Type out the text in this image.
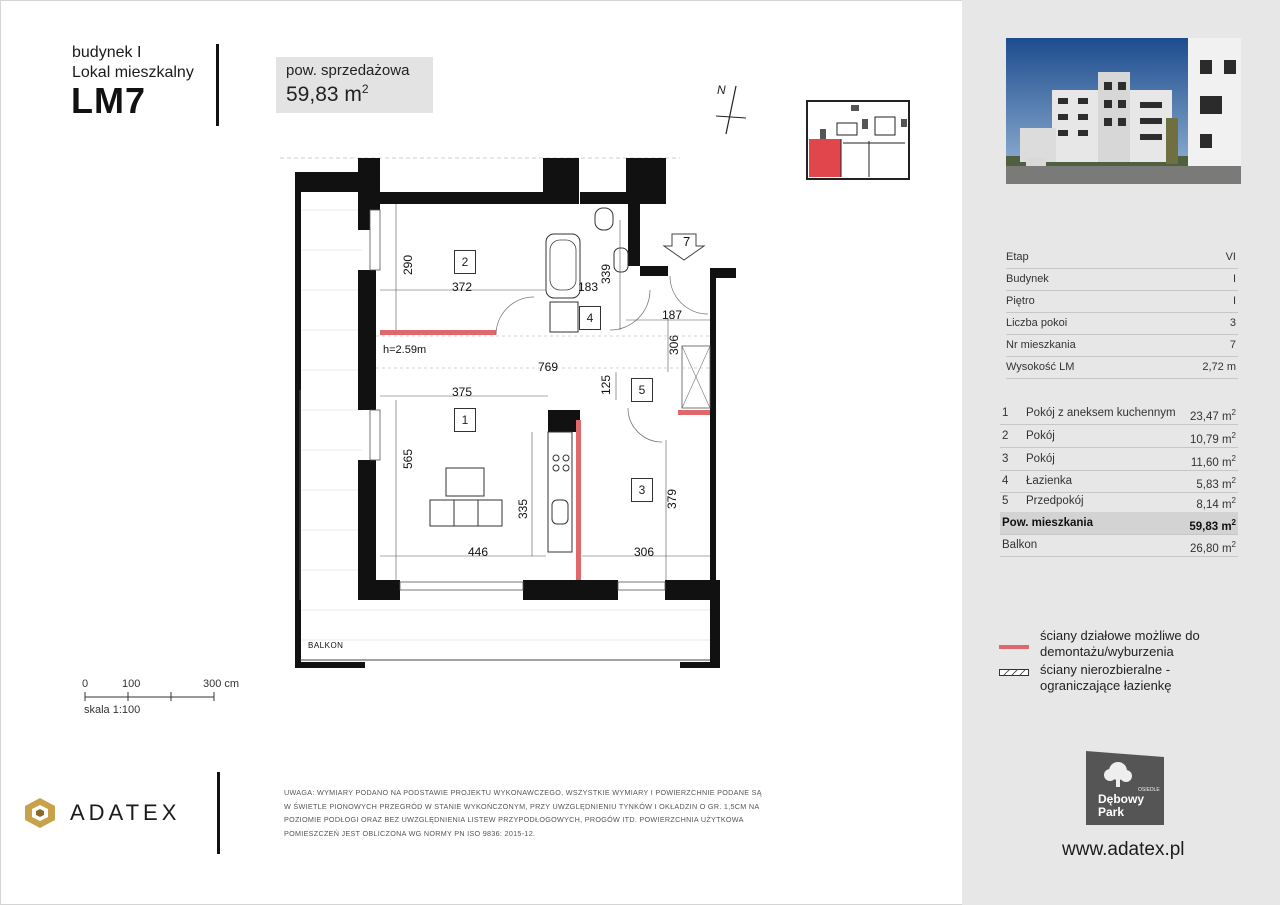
budynek I
Lokal mieszkalny
LM7
pow. sprzedażowa
59,83 $m^2$	N
2
4
5
1
3
7
290
372
339
183
187
h=2.59m
769
306
375	125
565
335	379
446	306
BALKON
0	100	300 cm
skala 1:100
ADATEX
UWAGA: WYMIARY PODANO NA PODSTAWIE PROJEKTU WYKONAWCZEGO, WSZYSTKIE WYMIARY I POWIERZCHNIE PODANE SĄ W ŚWIETLE PIONOWYCH PRZEGRÓD W STANIE WYKOŃCZONYM, PRZY UWZGLĘDNIENIU TYNKÓW I OKŁADZIN O GR. 1,5CM NA POZIOMIE PODŁOGI ORAZ BEZ UWZGLĘDNIENIA LISTEW PRZYPODŁOGOWYCH, PROGÓW ITD. POWIERZCHNIA UŻYTKOWA POMIESZCZEŃ JEST OBLICZONA WG NORMY PN ISO 9836: 2015-12.
Etap	VI
Budynek	I
Piętro	I
Liczba pokoi	3
Nr mieszkania	7
Wysokość LM	2,72 m
1 Pokój z aneksem kuchennym 23,47 $m^2$
2 Pokój	10,79 $m^2$
3 Pokój	11,60 $m^2$
4 Łazienka	5,83 $m^2$
5 Przedpokój	8,14 $m^2$
Pow. mieszkania	59,83 $m^2$
Balkon	26,80 $m^2$
ściany działowe możliwe do demontażu/wyburzenia
ściany nierozbieralne - ograniczające łazienkę
OSIEDLE
Dębowy
Park
www.adatex.pl
